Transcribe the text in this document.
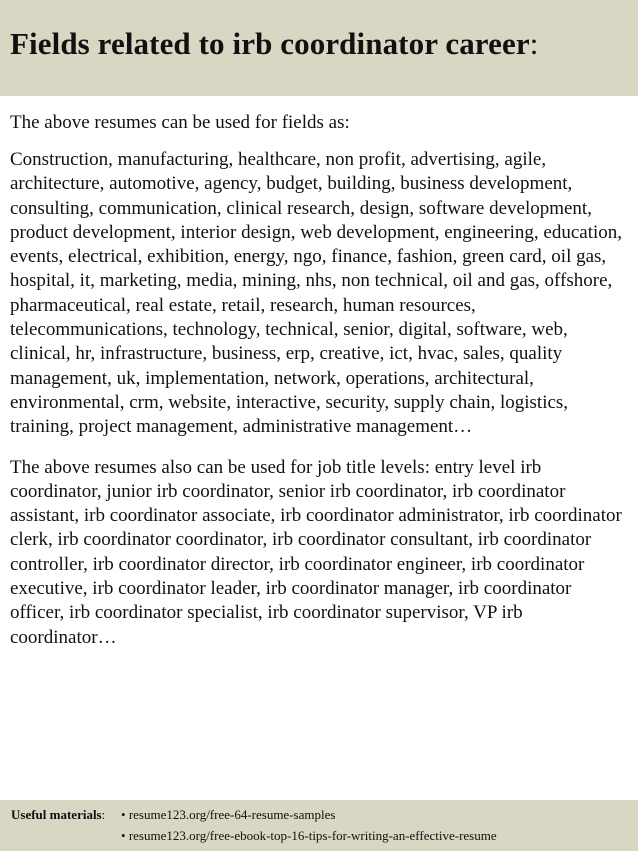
Fields related to irb coordinator career:
The above resumes can be used for fields as:
Construction, manufacturing, healthcare, non profit, advertising, agile, architecture, automotive, agency, budget, building, business development, consulting, communication, clinical research, design, software development, product development, interior design, web development, engineering, education, events, electrical, exhibition, energy, ngo, finance, fashion, green card, oil gas, hospital, it, marketing, media, mining, nhs, non technical, oil and gas, offshore, pharmaceutical, real estate, retail, research, human resources, telecommunications, technology, technical, senior, digital, software, web, clinical, hr, infrastructure, business, erp, creative, ict, hvac, sales, quality management, uk, implementation, network, operations, architectural, environmental, crm, website, interactive, security, supply chain, logistics, training, project management, administrative management…
The above resumes also can be used for job title levels: entry level irb coordinator, junior irb coordinator, senior irb coordinator, irb coordinator assistant, irb coordinator associate, irb coordinator administrator, irb coordinator clerk, irb coordinator coordinator, irb coordinator consultant, irb coordinator controller, irb coordinator director, irb coordinator engineer, irb coordinator executive, irb coordinator leader, irb coordinator manager, irb coordinator officer, irb coordinator specialist, irb coordinator supervisor, VP irb coordinator…
Useful materials:
•	resume123.org/free-64-resume-samples
• resume123.org/free-ebook-top-16-tips-for-writing-an-effective-resume
